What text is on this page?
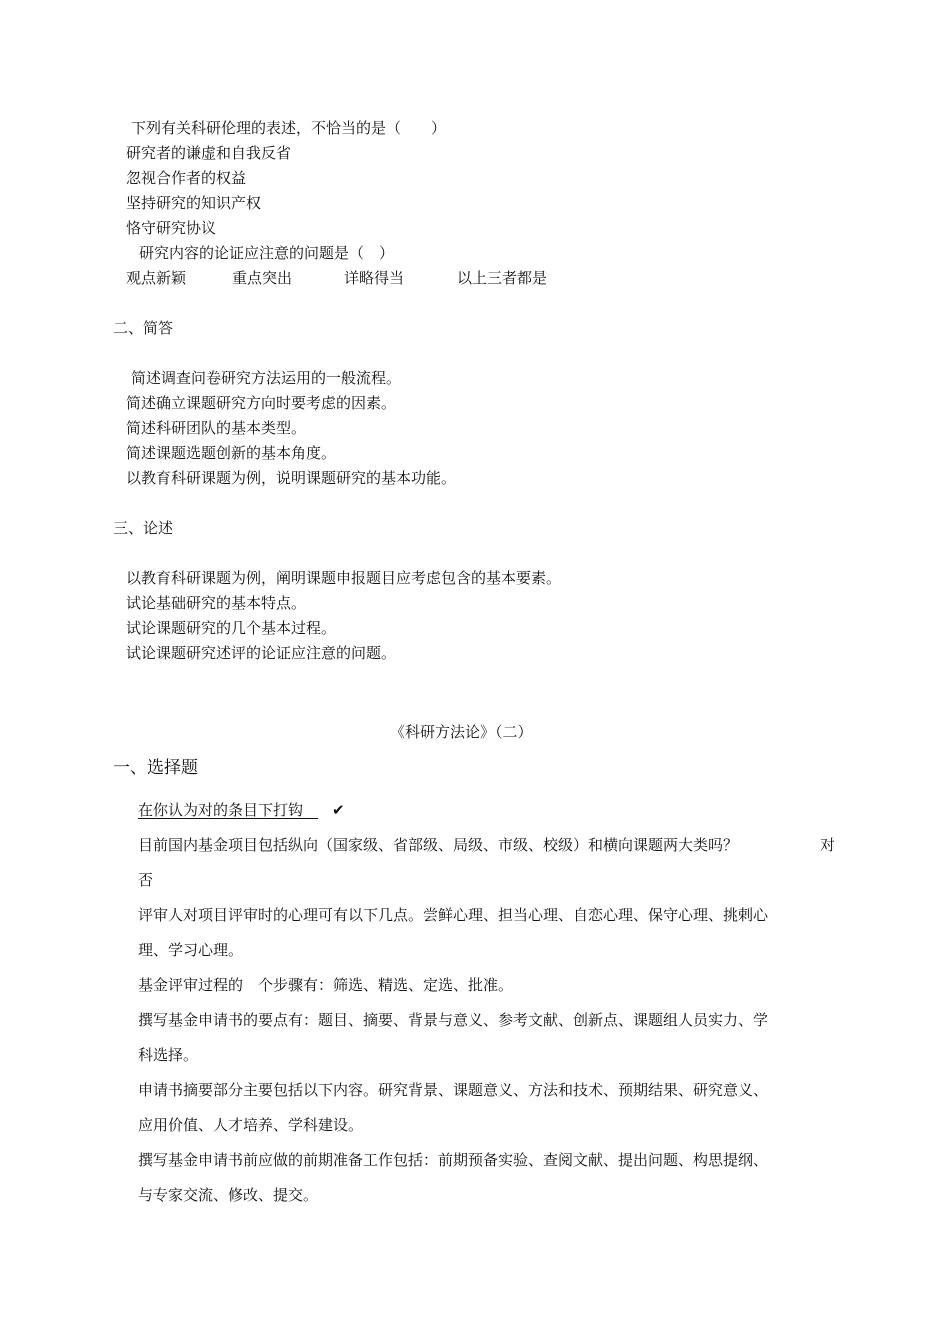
下列有关科研伦理的表述，不恰当的是（　　）
研究者的谦虚和自我反省
忽视合作者的权益
坚持研究的知识产权
恪守研究协议
研究内容的论证应注意的问题是（　）
观点新颖	重点突出	详略得当	以上三者都是
二、简答
简述调查问卷研究方法运用的一般流程。
简述确立课题研究方向时要考虑的因素。
简述科研团队的基本类型。
简述课题选题创新的基本角度。
以教育科研课题为例，说明课题研究的基本功能。
三、论述
以教育科研课题为例，阐明课题申报题目应考虑包含的基本要素。
试论基础研究的基本特点。
试论课题研究的几个基本过程。
试论课题研究述评的论证应注意的问题。
《科研方法论》（二）
一、选择题
在你认为对的条目下打钩　 ✔
目前国内基金项目包括纵向（国家级、省部级、局级、市级、校级）和横向课题两大类吗？	对
否
评审人对项目评审时的心理可有以下几点。尝鲜心理、担当心理、自恋心理、保守心理、挑剌心
理、学习心理。
基金评审过程的　个步骤有：筛选、精选、定选、批准。
撰写基金申请书的要点有：题目、摘要、背景与意义、参考文献、创新点、课题组人员实力、学
科选择。
申请书摘要部分主要包括以下内容。研究背景、课题意义、方法和技术、预期结果、研究意义、
应用价值、人才培养、学科建设。
撰写基金申请书前应做的前期准备工作包括：前期预备实验、查阅文献、提出问题、构思提纲、
与专家交流、修改、提交。
